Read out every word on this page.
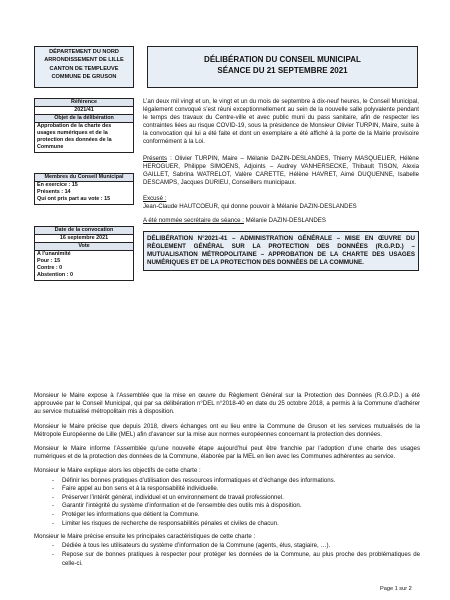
DÉPARTEMENT DU NORD
ARRONDISSEMENT DE LILLE
CANTON DE TEMPLEUVE
COMMUNE DE GRUSON
DÉLIBÉRATION DU CONSEIL MUNICIPAL
SÉANCE DU 21 SEPTEMBRE 2021
Référence
2021/41
Objet de la délibération
Approbation de la charte des usages numériques et de la protection des données de la Commune
Membres du Conseil Municipal
En exercice : 15
Présents : 14
Qui ont pris part au vote : 15
Date de la convocation
16 septembre 2021
Vote
A l’unanimité
Pour : 15
Contre : 0
Abstention : 0

L’an deux mil vingt et un, le vingt et un du mois de septembre à dix-neuf heures, le Conseil Municipal, légalement convoqué s’est réuni exceptionnellement au sein de la nouvelle salle polyvalente pendant le temps des travaux du Centre-ville et avec public muni du pass sanitaire, afin de respecter les contraintes liées au risque COVID-19, sous la présidence de Monsieur Olivier TURPIN, Maire, suite à la convocation qui lui a été faite et dont un exemplaire a été affiché à la porte de la Mairie provisoire conformément à la Loi.

Présents : Olivier TURPIN, Maire – Mélanie DAZIN-DESLANDES, Thierry MASQUELIER, Hélène HEROGUER, Philippe SIMOENS, Adjoints – Audrey VANHERSECKE, Thibault TISON, Alexia GAILLET, Sabrina WATRELOT, Valère CARETTE, Hélène HAVRET, Aimé DUQUENNE, Isabelle DESCAMPS, Jacques DURIEU, Conseillers municipaux.

Excusé :
Jean-Claude HAUTCOEUR, qui donne pouvoir à Mélanie DAZIN-DESLANDES

A été nommée secrétaire de séance : Mélanie DAZIN-DESLANDES

DÉLIBÉRATION N°2021-41 – ADMINISTRATION GÉNÉRALE – MISE EN ŒUVRE DU RÈGLEMENT GÉNÉRAL SUR LA PROTECTION DES DONNÉES (R.G.P.D.) – MUTUALISATION MÉTROPOLITAINE – APPROBATION DE LA CHARTE DES USAGES NUMÉRIQUES ET DE LA PROTECTION DES DONNÉES DE LA COMMUNE.

Monsieur le Maire expose à l’Assemblée que la mise en œuvre du Règlement Général sur la Protection des Données (R.G.P.D.) a été approuvée par le Conseil Municipal, qui par sa délibération n°DEL n°2018-40 en date du 25 octobre 2018, a permis à la Commune d’adhérer au service mutualisé métropolitain mis à disposition.

Monsieur le Maire précise que depuis 2018, divers échanges ont eu lieu entre la Commune de Gruson et les services mutualisés de la Métropole Européenne de Lille (MEL) afin d’avancer sur la mise aux normes européennes concernant la protection des données.

Monsieur le Maire informe l’Assemblée qu’une nouvelle étape aujourd’hui peut être franchie par l’adoption d’une charte des usages numériques et de la protection des données de la Commune, élaborée par la MEL en lien avec les Communes adhérentes au service.

Monsieur le Maire explique alors les objectifs de cette charte :

- Définir les bonnes pratiques d’utilisation des ressources informatiques et d’échange des informations.
- Faire appel au bon sens et à la responsabilité individuelle.
- Préserver l’intérêt général, individuel et un environnement de travail professionnel.
- Garantir l’intégrité du système d’information et de l’ensemble des outils mis à disposition.
- Protéger les informations que détient la Commune.
- Limiter les risques de recherche de responsabilités pénales et civiles de chacun.

Monsieur le Maire précise ensuite les principales caractéristiques de cette charte :

- Dédiée à tous les utilisateurs du système d’information de la Commune (agents, élus, stagiaire, …).
- Repose sur de bonnes pratiques à respecter pour protéger les données de la Commune, au plus proche des problématiques de celle-ci.
Page 1 sur 2
